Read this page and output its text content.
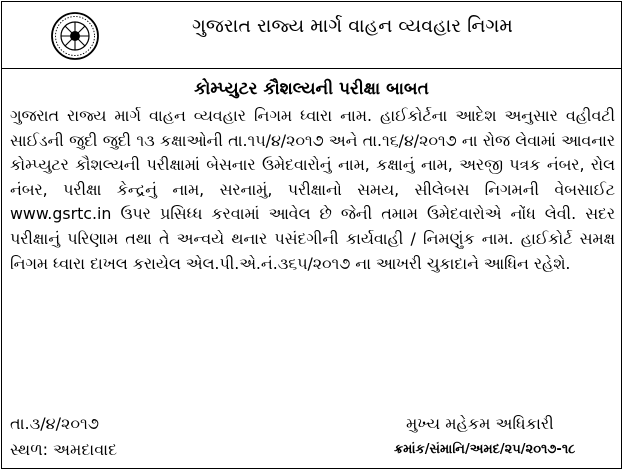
ગુજરાત રાજ્ય માર્ગ વાહન વ્યવહાર નિગમ
કોમ્પ્યુટર કૌશલ્યની પરીક્ષા બાબત
ગુજરાત રાજ્ય માર્ગ વાહન વ્યવહાર નિગમ ધ્વારા નામ. હાઈકોર્ટના આદેશ અનુસાર વહીવટી સાઈડની જુદી જુદી ૧૩ કક્ષાઓની તા.૧૫/૪/૨૦૧૭ અને તા.૧૬/૪/૨૦૧૭ ના રોજ લેવામાં આવનાર કોમ્પ્યુટર કૌશલ્યની પરીક્ષામાં બેસનાર ઉમેદવારોનું નામ, કક્ષાનું નામ, અરજી પત્રક નંબર, રોલ નંબર, પરીક્ષા કેન્દ્રનું નામ, સરનામું, પરીક્ષાનો સમય, સીલેબસ નિગમની વેબસાઈટ www.gsrtc.in ઉપર પ્રસિધ્ધ કરવામાં આવેલ છે જેની તમામ ઉમેદવારોએ નોંધ લેવી. સદર પરીક્ષાનું પરિણામ તથા તે અન્વયે થનાર પસંદગીની કાર્યવાહી / નિમણુંક નામ. હાઈકોર્ટ સમક્ષ નિગમ ધ્વારા દાખલ કરાયેલ એલ.પી.એ.નં.૩૬૫/૨૦૧૭ ના આખરી ચુકાદાને આધિન રહેશે.
તા.૩/૪/૨૦૧૭
સ્થળ: અમદાવાદ
મુખ્ય મહેકમ અધિકારી
ક્રમાંક/સંમાનિ/અમદ/૨૫/૨૦૧૭-૧૮
